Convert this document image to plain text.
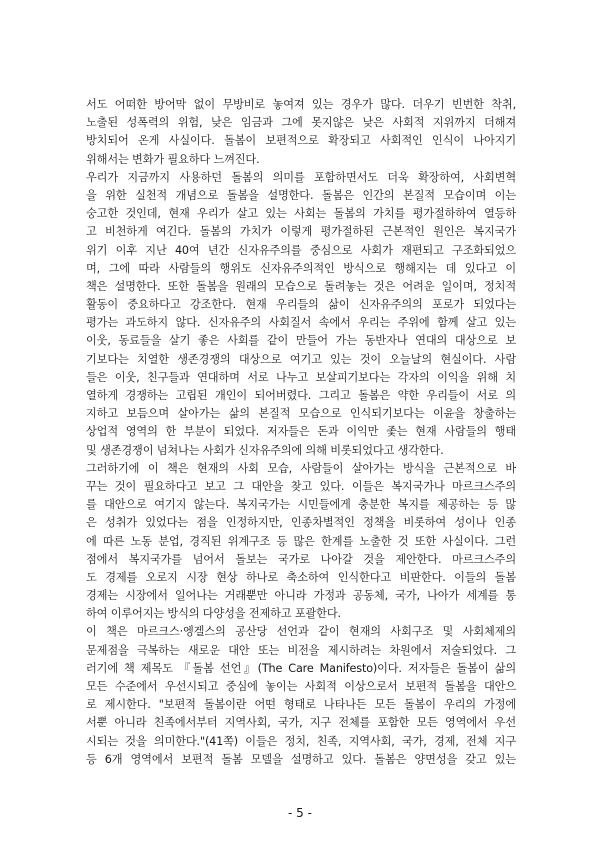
서도 어떠한 방어막 없이 무방비로 놓여져 있는 경우가 많다. 더우기 빈번한 착취,
노출된 성폭력의 위험, 낮은 임금과 그에 못지않은 낮은 사회적 지위까지 더해져
방치되어 온게 사실이다. 돌봄이 보편적으로 확장되고 사회적인 인식이 나아지기
위해서는 변화가 필요하다 느껴진다.
우리가 지금까지 사용하던 돌봄의 의미를 포함하면서도 더욱 확장하여, 사회변혁
을 위한 실천적 개념으로 돌봄을 설명한다. 돌봄은 인간의 본질적 모습이며 이는
숭고한 것인데, 현재 우리가 살고 있는 사회는 돌봄의 가치를 평가절하하여 열등하
고 비천하게 여긴다. 돌봄의 가치가 이렇게 평가절하된 근본적인 원인은 복지국가
위기 이후 지난 40여 년간 신자유주의를 중심으로 사회가 재편되고 구조화되었으
며, 그에 따라 사람들의 행위도 신자유주의적인 방식으로 행해지는 데 있다고 이
책은 설명한다. 또한 돌봄을 원래의 모습으로 돌려놓는 것은 어려운 일이며, 정치적
활동이 중요하다고 강조한다. 현재 우리들의 삶이 신자유주의의 포로가 되었다는
평가는 과도하지 않다. 신자유주의 사회질서 속에서 우리는 주위에 함께 살고 있는
이웃, 동료들을 살기 좋은 사회를 같이 만들어 가는 동반자나 연대의 대상으로 보
기보다는 치열한 생존경쟁의 대상으로 여기고 있는 것이 오늘날의 현실이다. 사람
들은 이웃, 친구들과 연대하며 서로 나누고 보살피기보다는 각자의 이익을 위해 치
열하게 경쟁하는 고립된 개인이 되어버렸다. 그리고 돌봄은 약한 우리들이 서로 의
지하고 보듬으며 살아가는 삶의 본질적 모습으로 인식되기보다는 이윤을 창출하는
상업적 영역의 한 부분이 되었다. 저자들은 돈과 이익만 좇는 현재 사람들의 행태
및 생존경쟁이 넘쳐나는 사회가 신자유주의에 의해 비롯되었다고 생각한다.
그러하기에 이 책은 현재의 사회 모습, 사람들이 살아가는 방식을 근본적으로 바
꾸는 것이 필요하다고 보고 그 대안을 찾고 있다. 이들은 복지국가나 마르크스주의
를 대안으로 여기지 않는다. 복지국가는 시민들에게 충분한 복지를 제공하는 등 많
은 성취가 있었다는 점을 인정하지만, 인종차별적인 정책을 비롯하여 성이나 인종
에 따른 노동 분업, 경직된 위계구조 등 많은 한계를 노출한 것 또한 사실이다. 그런
점에서 복지국가를 넘어서 돌보는 국가로 나아갈 것을 제안한다. 마르크스주의
도 경제를 오로지 시장 현상 하나로 축소하여 인식한다고 비판한다. 이들의 돌봄
경제는 시장에서 일어나는 거래뿐만 아니라 가정과 공동체, 국가, 나아가 세계를 통
하여 이루어지는 방식의 다양성을 전제하고 포괄한다.
이 책은 마르크스·엥겔스의 공산당 선언과 같이 현재의 사회구조 및 사회체제의
문제점을 극복하는 새로운 대안 또는 비전을 제시하려는 차원에서 저술되었다. 그
러기에 책 제목도 『돌봄 선언』(The Care Manifesto)이다. 저자들은 돌봄이 삶의
모든 수준에서 우선시되고 중심에 놓이는 사회적 이상으로서 보편적 돌봄을 대안으
로 제시한다. "보편적 돌봄이란 어떤 형태로 나타나든 모든 돌봄이 우리의 가정에
서뿐 아니라 친족에서부터 지역사회, 국가, 지구 전체를 포함한 모든 영역에서 우선
시되는 것을 의미한다."(41쪽) 이들은 정치, 친족, 지역사회, 국가, 경제, 전체 지구
등 6개 영역에서 보편적 돌봄 모델을 설명하고 있다. 돌봄은 양면성을 갖고 있는
- 5 -
